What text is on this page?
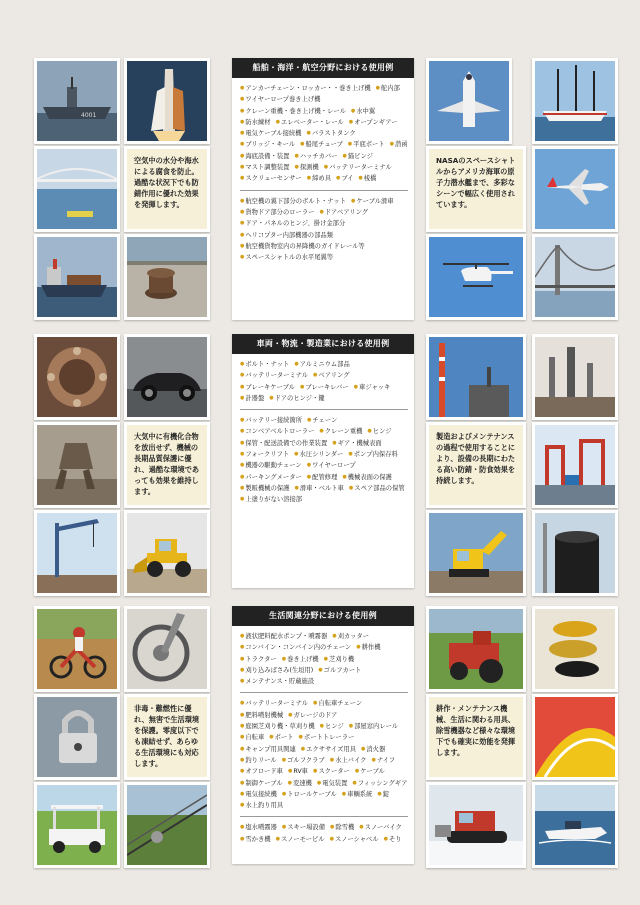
4001
空気中の水分や海水による腐食を防止。過酷な状況下でも防錆作用に優れた効果を発揮します。
船舶・海洋・航空分野における使用例
● アンカーチェーン・ロッカー・・巻き上げ機	● 舵内部
● ワイヤーロープ巻き上げ機
● クレーン重機・巻き上げ機・レール	● 水中翼
● 防水練材	● エレベーター・レール	● オープンギアー
● 電気ケーブル接続機	● バラストタンク
● ブリッジ・キール	● 船尾チューブ	● 平底ボート	● 潜函
● 海底設備・装置	● ハッチカバー	● 錨ピンジ
● マスト調整装置	● 探測機	● バッテリーターミナル
● スクリューセンサー	● 締め具	● ブイ	● 桟橋
● 航空機の翼下部分のボルト・ナット	● ケーブル滑車
● 貨物ドア部分のローラー	● ドアベアリング
● ドア・パネルのヒンジ、掛け金部分
● ヘリコプター内部機器の部品類
● 航空機貨物室内の昇降機のガイドレール等
● スペースシャトルの水平尾翼等
NASAのスペースシャトルからアメリカ海軍の原子力潜水艦まで、多彩なシーンで幅広く使用されています。
大気中に有機化合物を放出せず、機械の長期品質保護に優れ、過酷な環境であっても効果を維持します。
車両・物流・製造業における使用例
● ボルト・ナット	● アルミニウム部品
● バッテリーターミナル	● ベアリング
● ブレーキケーブル	● ブレーキレバー	● 車ジャッキ
● 計器盤	● ドアのヒンジ・鍵
● バッテリー接続箇所	● チェーン
● コンベアベルトローラー	● クレーン重機	● ヒンジ
● 保管・配送設備での作業装置	● ギア・機械表面
● フォークリフト	● 水圧シリンダー	● ポンプ内保存料
● 機器の駆動チェーン	● ワイヤーロープ
● パーキングメーター	● 配管修理	● 機械表面の保護
● 製販機械の保護	● 滑車・ベルト車	● スペア部品の保管
● 上塗りがない溶接部
製造およびメンテナンスの過程で使用することにより、設備の長期にわたる高い防錆・防食効果を持続します。
非毒・難燃性に優れ、無害で生活環境を保護。零度以下でも凍結せず、あらゆる生活環境にも対応します。
生活関連分野における使用例
● 液状肥料配水ポンプ・噴霧器	● 刈カッター
● コンバイン・コンバイン内のチェーン	● 耕作機
● トラクター	● 巻き上げ機	● 芝刈り機
● 刈り込みばさみ(生垣用)	● ゴルフカート
● メンテナンス・貯蔵施設
● バッテリーターミナル	● 自転車チェーン
● 肥料噴射機械	● ガレージのドア
● 庭園芝刈り機・草刈り機	● ヒンジ	● 部屋窓内レール
● 自転車	● ボート	● ボートトレーラー
● キャンプ用具関連	● エクササイズ用具	● 消火器
● 釣りリール	● ゴルフクラブ	● 水上バイク	● ナイフ
● オフロード車	● RV車	● スクーター	● ケーブル
● 制御ケーブル	● 変速機	● 電気装置	● フィッシングギア
● 電気接続機	● トロールケーブル	● 車輌系統	● 錠
● 水上釣り用具
● 塩水噴霧器	● スキー場設備	● 除雪機	● スノーバイク
● 雪かき機	● スノーモービル	● スノーシャベル	● そり
耕作・メンテナンス機械、生活に関わる用具、除雪機器など様々な環境下でも確実に効能を発揮します。
